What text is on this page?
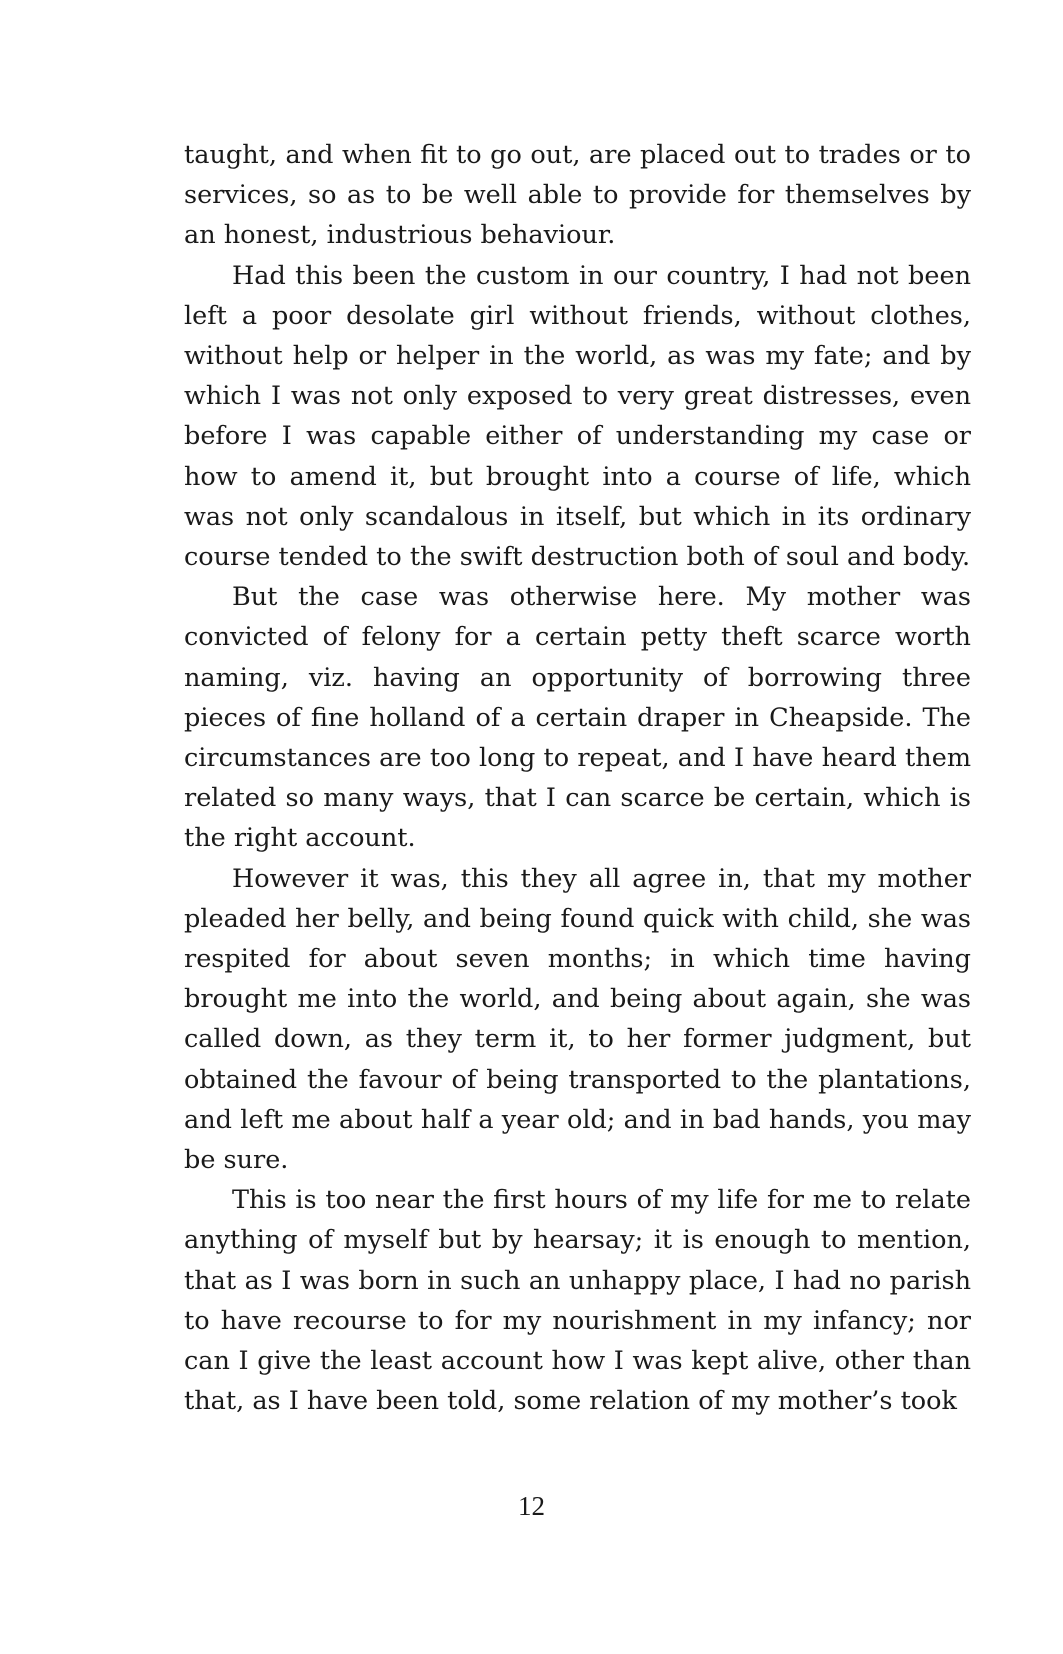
taught, and when fit to go out, are placed out to trades or to services, so as to be well able to provide for themselves by an honest, industrious behaviour.

Had this been the custom in our country, I had not been left a poor desolate girl without friends, without clothes, without help or helper in the world, as was my fate; and by which I was not only exposed to very great distresses, even before I was capable either of understanding my case or how to amend it, but brought into a course of life, which was not only scandalous in itself, but which in its ordinary course tended to the swift destruction both of soul and body.

But the case was otherwise here. My mother was convicted of felony for a certain petty theft scarce worth naming, viz. having an opportunity of borrowing three pieces of fine holland of a certain draper in Cheapside. The circumstances are too long to repeat, and I have heard them related so many ways, that I can scarce be certain, which is the right account.

However it was, this they all agree in, that my mother pleaded her belly, and being found quick with child, she was respited for about seven months; in which time having brought me into the world, and being about again, she was called down, as they term it, to her former judgment, but obtained the favour of being transported to the plantations, and left me about half a year old; and in bad hands, you may be sure.

This is too near the first hours of my life for me to relate anything of myself but by hearsay; it is enough to mention, that as I was born in such an unhappy place, I had no parish to have recourse to for my nourishment in my infancy; nor can I give the least account how I was kept alive, other than that, as I have been told, some relation of my mother’s took

12
